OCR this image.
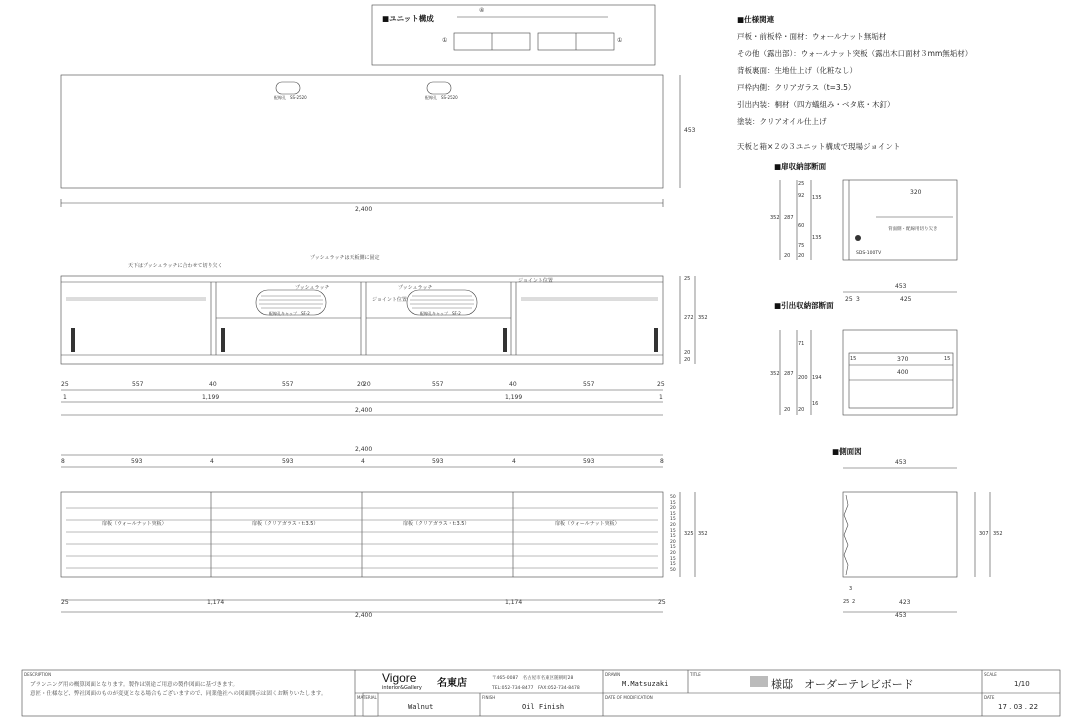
■ユニット構成
④
①	①
■仕様関連
戸板・前板枠・面材：ウォールナット無垢材
その他（露出部）：ウォールナット突板（露出木口面材３mm無垢材）
背板裏面：生地仕上げ（化粧なし）
戸枠内側：クリアガラス（t=3.5）
引出内装：桐材（四方蟻組み・ベタ底・木釘）
塗装：クリアオイル仕上げ
天板と箱×２の３ユニット構成で現場ジョイント
配線孔　SS-2520	配線孔　SS-2520
453
2,400
天下はプッシュラッチに合わせて切り欠く
プッシュラッチは天板側に固定
プッシュラッチ
ジョイント位置
プッシュラッチ
ジョイント位置
配線孔キャップ　SF-2	配線孔キャップ　SF-2
25
272 352
20
20
25	557	40	557	20
20	557	40	557	25
1	1,199	1,199	1
2,400
2,400
8	593	4	593	4	593	4	593	8
扉板（ウォールナット突板）	扉板（クリアガラス・t:3.5）	扉板（クリアガラス・t:3.5）	扉板（ウォールナット突板）
50
15
20
15
15
20
15
15
20
15
20
15
15
50
325 352
25	1,174	1,174	25
2,400
■扉収納部断面
320
92 135
60
135
25
287
75
20 20
352
背面側・配線用切り欠き
SDS-100TV
453
■引出収納部断面
25 3	425
15	370	15
400
71
200 194
16
20 20
287
352
■側面図
453
307 352
3
25 2	423
453
DESCRIPTION
プランニング用の概算図面となります。製作は別途ご用意の製作図面に基づきます。
意匠・仕様など、弊社図面のものが変更となる場合もございますので、同業他社への図面開示は固くお断りいたします。
Vigore
interior&Gallery 名東店	〒465-0087　名古屋市名東区随朝町28
TEL:052-734-8477　FAX:052-734-8478
DRAWN
M.Matsuzaki
TITLE
様邸　オーダーテレビボード
SCALE
1/10
MATERIAL
Walnut
FINISH
Oil Finish
DATE OF MODIFICATION	DATE
17 . 03 . 22
